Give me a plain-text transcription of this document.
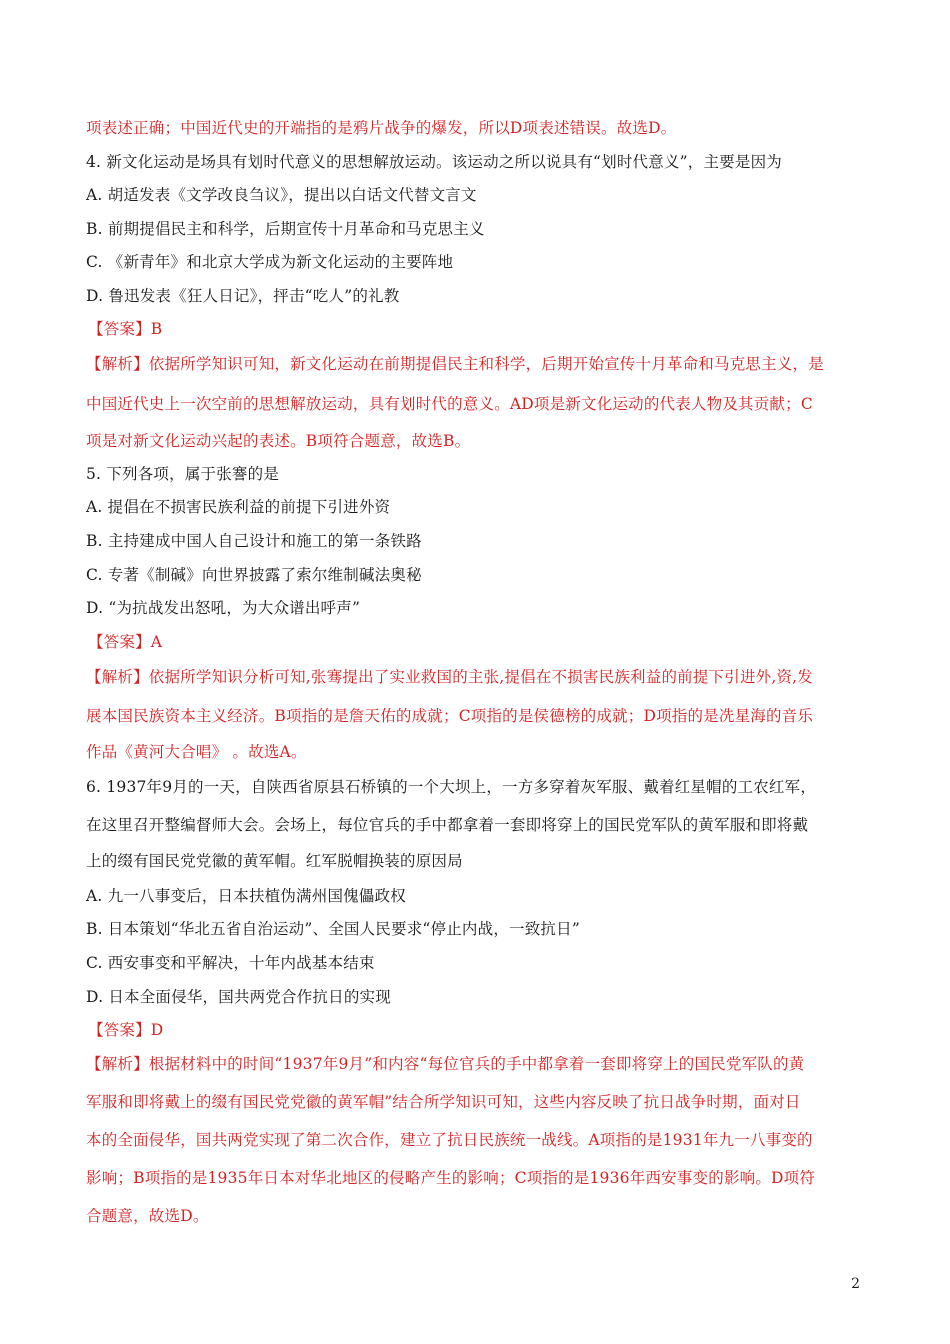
项表述正确；中国近代史的开端指的是鸦片战争的爆发，所以D项表述错误。故选D。
4. 新文化运动是场具有划时代意义的思想解放运动。该运动之所以说具有“划时代意义”，主要是因为
A. 胡适发表《文学改良刍议》，提出以白话文代替文言文
B. 前期提倡民主和科学，后期宣传十月革命和马克思主义
C. 《新青年》和北京大学成为新文化运动的主要阵地
D. 鲁迅发表《狂人日记》，抨击“吃人”的礼教
【答案】B
【解析】依据所学知识可知，新文化运动在前期提倡民主和科学，后期开始宣传十月革命和马克思主义，是
中国近代史上一次空前的思想解放运动，具有划时代的意义。AD项是新文化运动的代表人物及其贡献；C
项是对新文化运动兴起的表述。B项符合题意，故选B。
5. 下列各项，属于张謇的是
A. 提倡在不损害民族利益的前提下引进外资
B. 主持建成中国人自己设计和施工的第一条铁路
C. 专著《制碱》向世界披露了索尔维制碱法奥秘
D. “为抗战发出怒吼，为大众谱出呼声”
【答案】A
【解析】依据所学知识分析可知,张骞提出了实业救国的主张,提倡在不损害民族利益的前提下引进外,资,发
展本国民族资本主义经济。B项指的是詹天佑的成就；C项指的是侯德榜的成就；D项指的是冼星海的音乐
作品《黄河大合唱》 。故选A。
6. 1937年9月的一天，自陕西省原县石桥镇的一个大坝上，一方多穿着灰军服、戴着红星帽的工农红军，
在这里召开整编督师大会。会场上，每位官兵的手中都拿着一套即将穿上的国民党军队的黄军服和即将戴
上的缀有国民党党徽的黄军帽。红军脱帽换装的原因局
A. 九一八事变后，日本扶植伪满州国傀儡政权
B. 日本策划“华北五省自治运动”、全国人民要求“停止内战，一致抗日”
C. 西安事变和平解决，十年内战基本结束
D. 日本全面侵华，国共两党合作抗日的实现
【答案】D
【解析】根据材料中的时间“1937年9月”和内容“每位官兵的手中都拿着一套即将穿上的国民党军队的黄
军服和即将戴上的缀有国民党党徽的黄军帽”结合所学知识可知，这些内容反映了抗日战争时期，面对日
本的全面侵华，国共两党实现了第二次合作，建立了抗日民族统一战线。A项指的是1931年九一八事变的
影响；B项指的是1935年日本对华北地区的侵略产生的影响；C项指的是1936年西安事变的影响。D项符
合题意，故选D。
2
